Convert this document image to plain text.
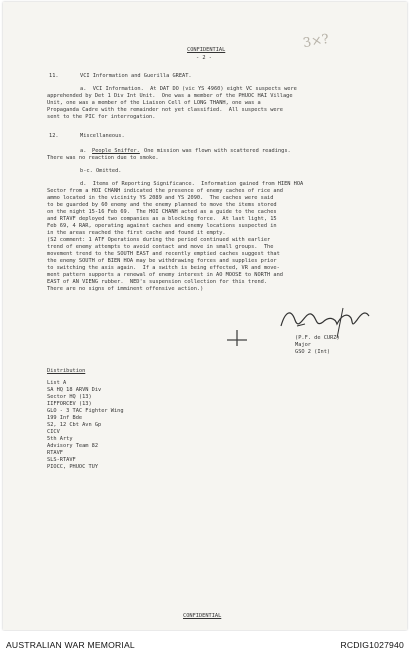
CONFIDENTIAL
- 2 -
3×?
11.	VCI Information and Guerilla GREAT.
a.  VCI Information.  At DAT DO (vic YS 4960) eight VC suspects were
apprehended by Det 1 Div Int Unit.  One was a member of the PHUOC HAI Village
Unit, one was a member of the Liaison Cell of LONG THANH, one was a
Propaganda Cadre with the remainder not yet classified.  All suspects were
sent to the PIC for interrogation.
12.	Miscellaneous.
a. People Sniffer. One mission was flown with scattered readings.
There was no reaction due to smoke.
b-c. Omitted.
d.  Items of Reporting Significance.  Information gained from HIEN HOA
Sector from a HOI CHANH indicated the presence of enemy caches of rice and
ammo located in the vicinity YS 2089 and YS 2090.  The caches were said
to be guarded by 60 enemy and the enemy planned to move the items stored
on the night 15-16 Feb 69.  The HOI CHANH acted as a guide to the caches
and RTAVF deployed two companies as a blocking force.  At last light, 15
Feb 69, 4 RAR, operating against caches and enemy locations suspected in
in the areas reached the first cache and found it empty.
(S2 comment: 1 ATF Operations during the period continued with earlier
trend of enemy attempts to avoid contact and move in small groups.  The
movement trend to the SOUTH EAST and recently emptied caches suggest that
the enemy SOUTH of BIEN HOA may be withdrawing forces and supplies prior
to switching the axis again.  If a switch is being effected, VR and move-
ment pattern supports a renewal of enemy interest in AO MOOSE to NORTH and
EAST of AN VIENG rubber.  NED's suspension collection for this trend.
There are no signs of imminent offensive action.)
(P.F. de CURZ)
Major
GSO 2 (Int)
Distribution
List A
SA HQ 18 ARVN Div
Sector HQ (13)
IIFFORCEV (13)
GLO - 3 TAC Fighter Wing
199 Inf Bde
S2, 12 Cbt Avn Gp
CICV
5th Arty
Advisory Team 82
RTAVF
SLS-RTAVF
PIOCC, PHUOC TUY
CONFIDENTIAL
AUSTRALIAN WAR MEMORIAL	RCDIG1027940
